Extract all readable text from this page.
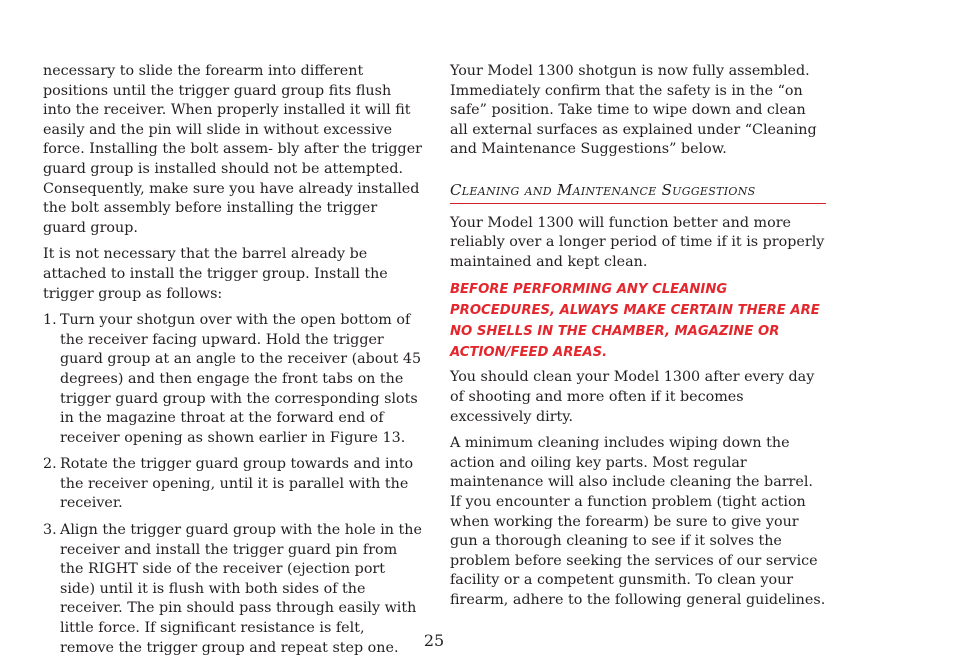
necessary to slide the forearm into different positions until the trigger guard group fits flush into the receiver. When properly installed it will fit easily and the pin will slide in without excessive force. Installing the bolt assem- bly after the trigger guard group is installed should not be attempted. Consequently, make sure you have already installed the bolt assembly before installing the trigger guard group.

It is not necessary that the barrel already be attached to install the trigger group. Install the trigger group as follows:

1. Turn your shotgun over with the open bottom of the receiver facing upward. Hold the trigger guard group at an angle to the receiver (about 45 degrees) and then engage the front tabs on the trigger guard group with the corresponding slots in the magazine throat at the forward end of receiver opening as shown earlier in Figure 13.
2. Rotate the trigger guard group towards and into the receiver opening, until it is parallel with the receiver.
3. Align the trigger guard group with the hole in the receiver and install the trigger guard pin from the RIGHT side of the receiver (ejection port side) until it is flush with both sides of the receiver. The pin should pass through easily with little force. If significant resistance is felt, remove the trigger group and repeat step one.

Your Model 1300 shotgun is now fully assembled. Immediately confirm that the safety is in the “on safe” position. Take time to wipe down and clean all external surfaces as explained under “Cleaning and Maintenance Suggestions” below.

Cleaning and Maintenance Suggestions

Your Model 1300 will function better and more reliably over a longer period of time if it is properly maintained and kept clean.

BEFORE PERFORMING ANY CLEANING PROCEDURES, ALWAYS MAKE CERTAIN THERE ARE NO SHELLS IN THE CHAMBER, MAGAZINE OR ACTION/FEED AREAS.

You should clean your Model 1300 after every day of shooting and more often if it becomes excessively dirty.

A minimum cleaning includes wiping down the action and oiling key parts. Most regular maintenance will also include cleaning the barrel. If you encounter a function problem (tight action when working the forearm) be sure to give your gun a thorough cleaning to see if it solves the problem before seeking the services of our service facility or a competent gunsmith. To clean your firearm, adhere to the following general guidelines.

25
